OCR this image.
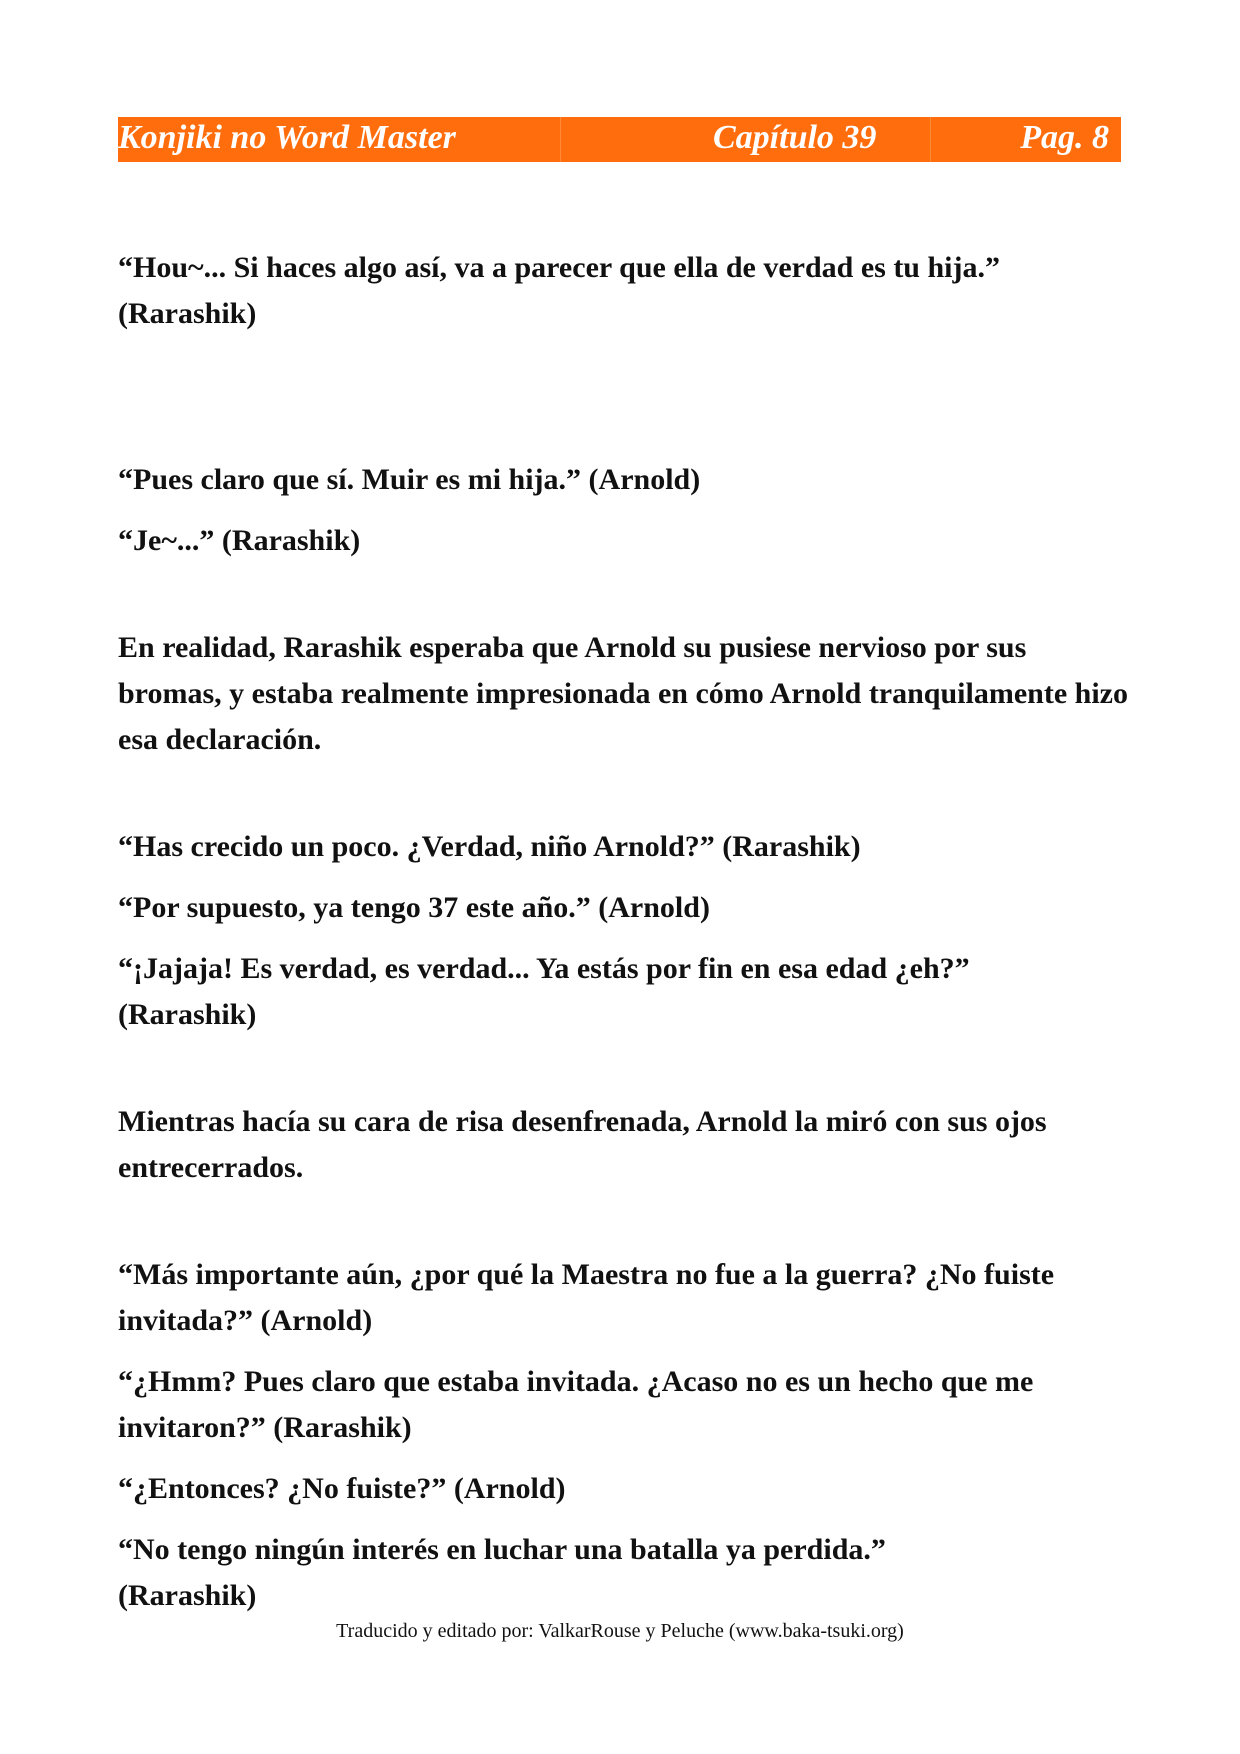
Konjiki no Word Master	Capítulo 39	Pag. 8

“Hou~... Si haces algo así, va a parecer que ella de verdad es tu hija.” (Rarashik)

“Pues claro que sí. Muir es mi hija.” (Arnold)

“Je~...” (Rarashik)

En realidad, Rarashik esperaba que Arnold su pusiese nervioso por sus bromas, y estaba realmente impresionada en cómo Arnold tranquilamente hizo esa declaración.

“Has crecido un poco. ¿Verdad, niño Arnold?” (Rarashik)

“Por supuesto, ya tengo 37 este año.” (Arnold)

“¡Jajaja! Es verdad, es verdad... Ya estás por fin en esa edad ¿eh?” (Rarashik)

Mientras hacía su cara de risa desenfrenada, Arnold la miró con sus ojos entrecerrados.

“Más importante aún, ¿por qué la Maestra no fue a la guerra? ¿No fuiste invitada?” (Arnold)

“¿Hmm? Pues claro que estaba invitada. ¿Acaso no es un hecho que me invitaron?” (Rarashik)

“¿Entonces? ¿No fuiste?” (Arnold)

“No tengo ningún interés en luchar una batalla ya perdida.” (Rarashik)

Traducido y editado por: ValkarRouse y Peluche (www.baka-tsuki.org)
